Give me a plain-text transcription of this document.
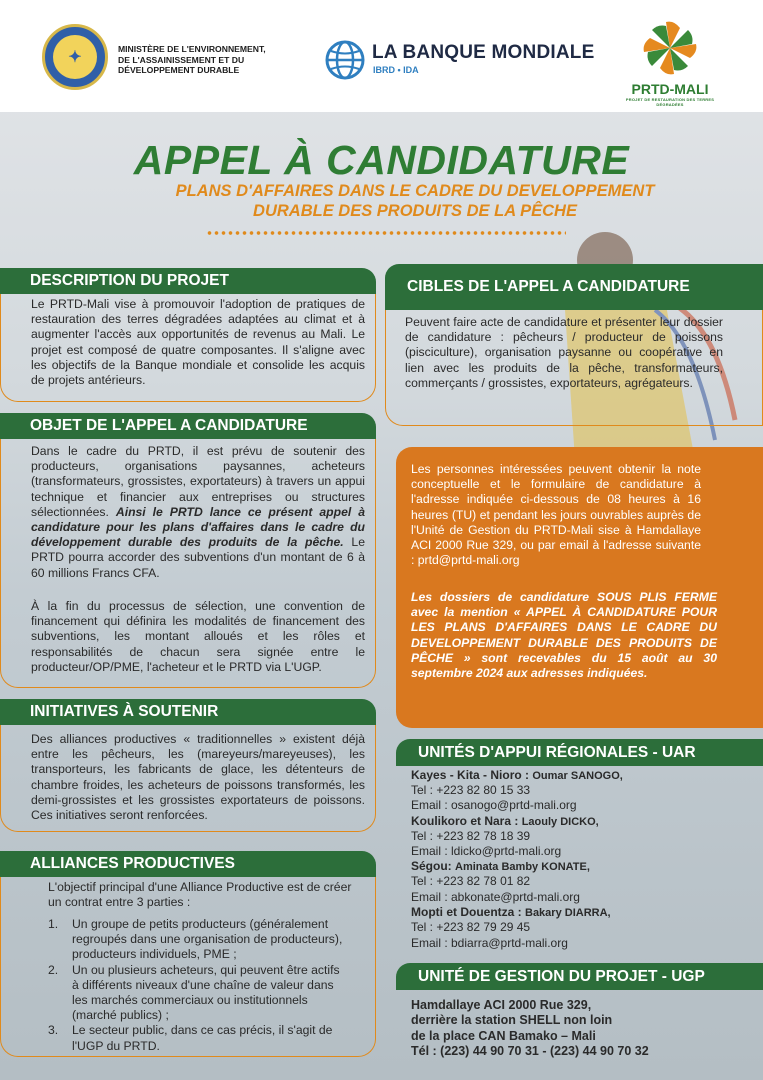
✦	MINISTÈRE DE L'ENVIRONNEMENT,
DE L'ASSAINISSEMENT ET DU
DÉVELOPPEMENT DURABLE
LA BANQUE MONDIALE
IBRD • IDA
PRTD-MALI
PROJET DE RESTAURATION DES TERRES DÉGRADÉES
APPEL À CANDIDATURE
PLANS D'AFFAIRES DANS LE CADRE DU DEVELOPPEMENT
DURABLE DES PRODUITS DE LA PÊCHE
DESCRIPTION DU PROJET
Le PRTD-Mali vise à promouvoir l'adoption de pratiques de restauration des terres dégradées adaptées au climat et à augmenter l'accès aux opportunités de revenus au Mali. Le projet est composé de quatre composantes. Il s'aligne avec les objectifs de la Banque mondiale et consolide les acquis de projets antérieurs.
CIBLES DE L'APPEL A CANDIDATURE
Peuvent faire acte de candidature et présenter leur dossier de candidature : pêcheurs / producteur de poissons (pisciculture), organisation paysanne ou coopérative en lien avec les produits de la pêche, transformateurs, commerçants / grossistes, exportateurs, agrégateurs.
OBJET DE L'APPEL A CANDIDATURE
Dans le cadre du PRTD, il est prévu de soutenir des producteurs, organisations paysannes, acheteurs (transformateurs, grossistes, exportateurs) à travers un appui technique et financier aux entreprises ou structures sélectionnées. Ainsi le PRTD lance ce présent appel à candidature pour les plans d'affaires dans le cadre du développement durable des produits de la pêche. Le PRTD pourra accorder des subventions d'un montant de 6 à 60 millions Francs CFA.
À la fin du processus de sélection, une convention de financement qui définira les modalités de financement des subventions, les montant alloués et les rôles et responsabilités de chacun sera signée entre le producteur/OP/PME, l'acheteur et le PRTD via L'UGP.
Les personnes intéressées peuvent obtenir la note conceptuelle et le formulaire de candidature à l'adresse indiquée ci-dessous de 08 heures à 16 heures (TU) et pendant les jours ouvrables auprès de l'Unité de Gestion du PRTD-Mali sise à Hamdallaye ACI 2000 Rue 329, ou par email à l'adresse suivante : prtd@prtd-mali.org
Les dossiers de candidature SOUS PLIS FERME avec la mention « APPEL À CANDIDATURE POUR LES PLANS D'AFFAIRES DANS LE CADRE DU DEVELOPPEMENT DURABLE DES PRODUITS DE PÊCHE » sont recevables du 15 août au 30 septembre 2024 aux adresses indiquées.
INITIATIVES À SOUTENIR
Des alliances productives « traditionnelles » existent déjà entre les pêcheurs, les (mareyeurs/mareyeuses), les transporteurs, les fabricants de glace, les détenteurs de chambre froides, les acheteurs de poissons transformés, les demi-grossistes et les grossistes exportateurs de poissons. Ces initiatives seront renforcées.
UNITÉS D'APPUI RÉGIONALES - UAR
Kayes - Kita - Nioro : Oumar SANOGO,
Tel : +223 82 80 15 33
Email : osanogo@prtd-mali.org
Koulikoro et Nara : Laouly DICKO,
Tel : +223 82 78 18 39
Email : ldicko@prtd-mali.org
Ségou: Aminata Bamby KONATE,
Tel : +223 82 78 01 82
Email : abkonate@prtd-mali.org
Mopti et Douentza : Bakary DIARRA,
Tel : +223 82 79 29 45
Email : bdiarra@prtd-mali.org
ALLIANCES PRODUCTIVES
L'objectif principal d'une Alliance Productive est de créer un contrat entre 3 parties :
1.	Un groupe de petits producteurs (généralement regroupés dans une organisation de producteurs), producteurs individuels, PME ;
2.	Un ou plusieurs acheteurs, qui peuvent être actifs à différents niveaux d'une chaîne de valeur dans les marchés commerciaux ou institutionnels (marché publics) ;
3.	Le secteur public, dans ce cas précis, il s'agit de l'UGP du PRTD.
UNITÉ DE GESTION DU PROJET - UGP
Hamdallaye ACI 2000 Rue 329,
derrière la station SHELL non loin
de la place CAN Bamako – Mali
Tél : (223) 44 90 70 31 - (223) 44 90 70 32
